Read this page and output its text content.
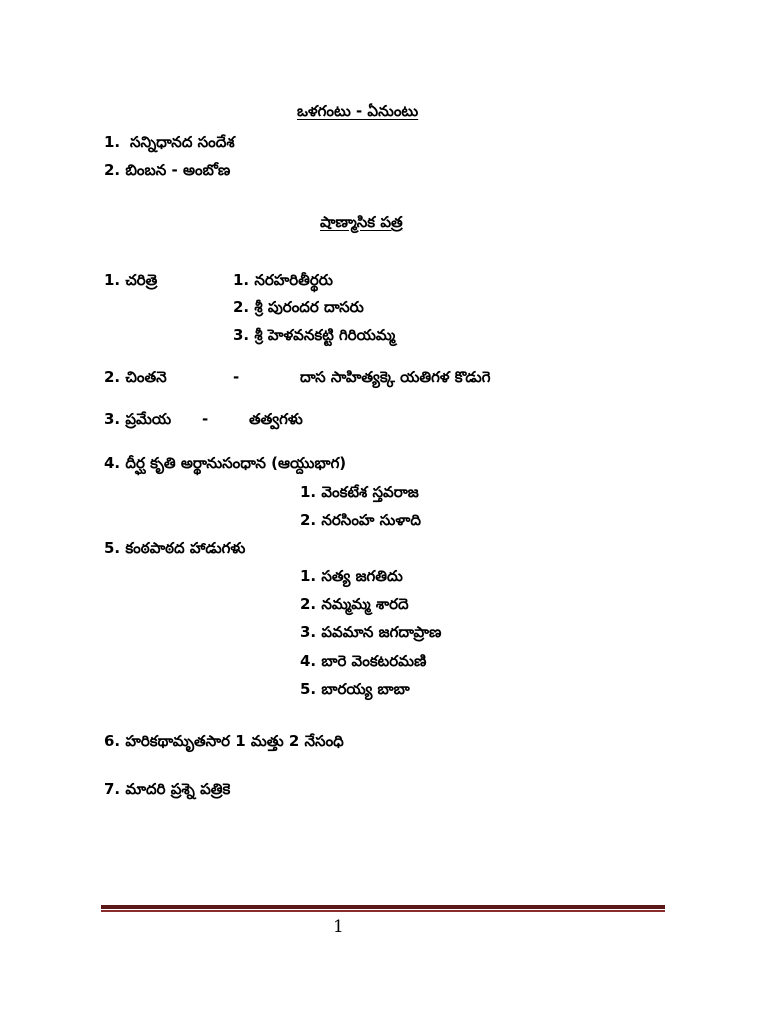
ఒళగంటు - ఏనుంటు
1. సన్నిధానద సందేశ
2. బింబన - అంబోణ
షాణ్మాసిక పత్ర
1. చరిత్రె	1. నరహరితీర్థరు
2. శ్రీ పురందర దాసరు
3. శ్రీ హెళవనకట్టి గిరియమ్మ
2. చింతనె	-	దాస సాహిత్యక్కె యతిగళ కొడుగె
3. ప్రమేయ -	తత్వగళు
4. దీర్ఘ కృతి అర్థానుసంధాన (ఆయ్దుభాగ)
1. వెంకటేశ స్తవరాజ
2. నరసింహ సుళాది
5. కంఠపాఠద హాడుగళు
1. సత్య జగతిదు
2. నమ్మమ్మ శారదె
3. పవమాన జగదాప్రాణ
4. బారె వెంకటరమణి
5. బారయ్య బాబా
6. హరికథామృతసార 1 మత్తు 2 నేసంధి
7. మాదరి ప్రశ్నె పత్రికె
1
